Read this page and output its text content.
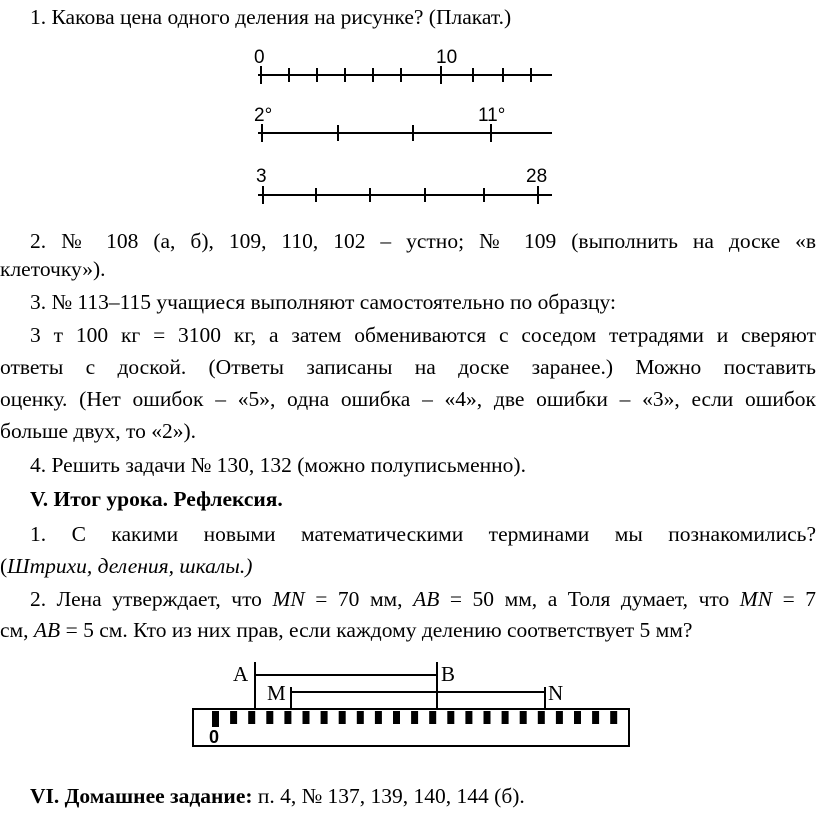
1. Какова цена одного деления на рисунке? (Плакат.)
0	10
2°	11°
3	28
A	B
M	N
0
2. № 108 (а, б), 109, 110, 102 – устно; № 109 (выполнить на доске «в
клеточку»).
3. № 113–115 учащиеся выполняют самостоятельно по образцу:
3 т 100 кг = 3100 кг, а затем обмениваются с соседом тетрадями и сверяют
ответы с доской. (Ответы записаны на доске заранее.) Можно поставить
оценку. (Нет ошибок – «5», одна ошибка – «4», две ошибки – «3», если ошибок
больше двух, то «2»).
4. Решить задачи № 130, 132 (можно полуписьменно).
V. Итог урока. Рефлексия.
1. С какими новыми математическими терминами мы познакомились?
(Штрихи, деления, шкалы.)
2. Лена утверждает, что MN = 70 мм, AB = 50 мм, а Толя думает, что MN = 7
см, AB = 5 см. Кто из них прав, если каждому делению соответствует 5 мм?
VI. Домашнее задание: п. 4, № 137, 139, 140, 144 (б).
